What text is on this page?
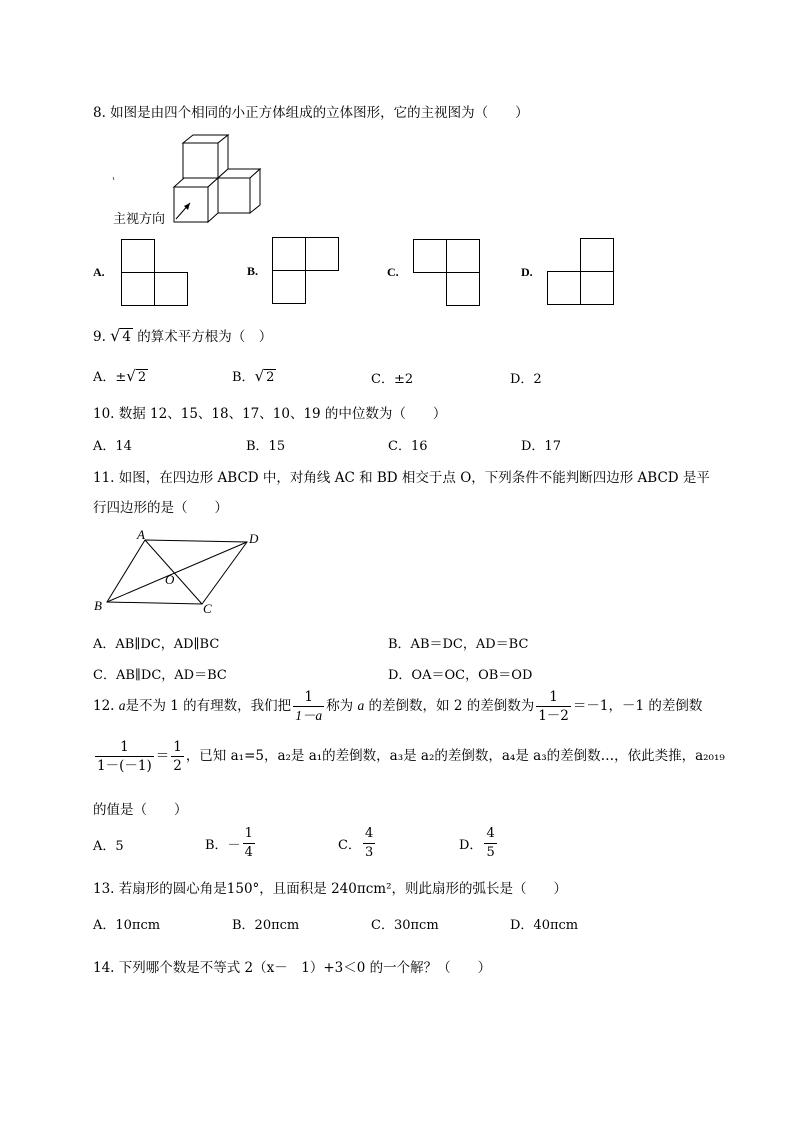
8. 如图是由四个相同的小正方体组成的立体图形，它的主视图为（　　）
主视方向
A.	B.	C.	D.
9. √ 4 的算术平方根为（　）
A．±√ 2	B．√ 2	C．±2	D．2
10. 数据 12、15、18、17、10、19 的中位数为（　　）
A．14	B．15	C．16	D．17
11. 如图，在四边形 ABCD 中，对角线 AC 和 BD 相交于点 O，下列条件不能判断四边形 ABCD 是平
行四边形的是（　　）
A	D
O
B	C
A．AB∥DC，AD∥BC	B．AB＝DC，AD＝BC
C．AB∥DC，AD＝BC	D．OA＝OC，OB＝OD
12. a是不为 1 的有理数，我们把 $\frac{1}{1-a}$ 称为 a 的差倒数，如 2 的差倒数为 $\frac{1}{1-2} =-1$，－1 的差倒数
$\frac{1}{1-(-1)} = \frac{1}{2}$ ，已知 a₁=5，a₂是 a₁的差倒数，a₃是 a₂的差倒数，a₄是 a₃的差倒数…，依此类推，a₂₀₁₉
的值是（　　）
A．5	B．－ $\frac{1}{4}$	C． $\frac{4}{3}$	D． $\frac{4}{5}$
13. 若扇形的圆心角是150°，且面积是 240πcm²，则此扇形的弧长是（　　）
A．10πcm	B．20πcm	C．30πcm	D．40πcm
14. 下列哪个数是不等式 2（x－　1）+3＜0 的一个解？（　　）
